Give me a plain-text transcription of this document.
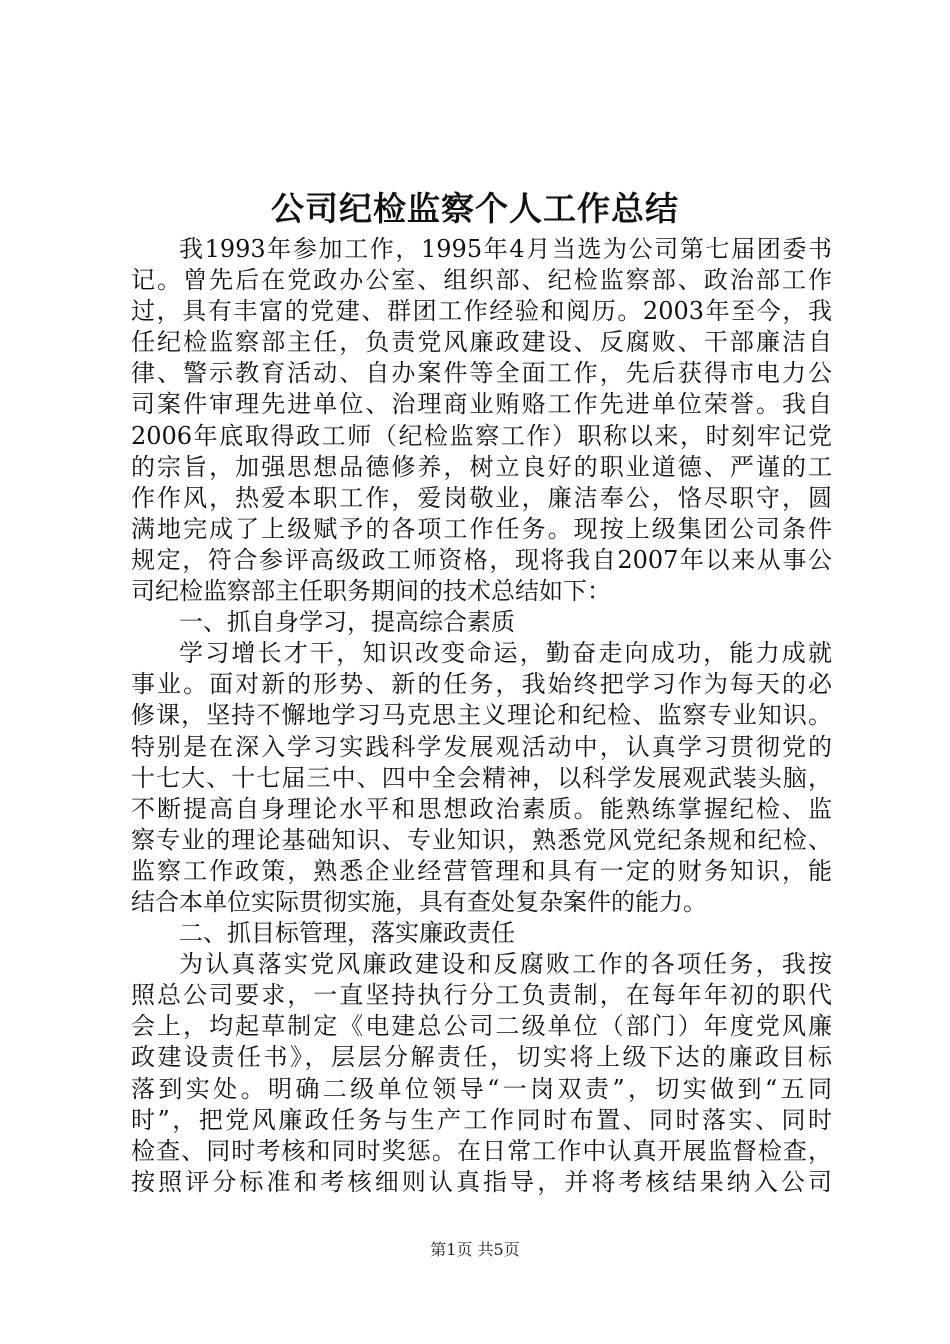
公司纪检监察个人工作总结
我1993年参加工作，1995年4月当选为公司第七届团委书
记。曾先后在党政办公室、组织部、纪检监察部、政治部工作
过，具有丰富的党建、群团工作经验和阅历。2003年至今，我
任纪检监察部主任，负责党风廉政建设、反腐败、干部廉洁自
律、警示教育活动、自办案件等全面工作，先后获得市电力公
司案件审理先进单位、治理商业贿赂工作先进单位荣誉。我自
2006年底取得政工师（纪检监察工作）职称以来，时刻牢记党
的宗旨，加强思想品德修养，树立良好的职业道德、严谨的工
作作风，热爱本职工作，爱岗敬业，廉洁奉公，恪尽职守，圆
满地完成了上级赋予的各项工作任务。现按上级集团公司条件
规定，符合参评高级政工师资格，现将我自2007年以来从事公
司纪检监察部主任职务期间的技术总结如下：
一、抓自身学习，提高综合素质
学习增长才干，知识改变命运，勤奋走向成功，能力成就
事业。面对新的形势、新的任务，我始终把学习作为每天的必
修课，坚持不懈地学习马克思主义理论和纪检、监察专业知识。
特别是在深入学习实践科学发展观活动中，认真学习贯彻党的
十七大、十七届三中、四中全会精神，以科学发展观武装头脑，
不断提高自身理论水平和思想政治素质。能熟练掌握纪检、监
察专业的理论基础知识、专业知识，熟悉党风党纪条规和纪检、
监察工作政策，熟悉企业经营管理和具有一定的财务知识，能
结合本单位实际贯彻实施，具有查处复杂案件的能力。
二、抓目标管理，落实廉政责任
为认真落实党风廉政建设和反腐败工作的各项任务，我按
照总公司要求，一直坚持执行分工负责制，在每年年初的职代
会上，均起草制定《电建总公司二级单位（部门）年度党风廉
政建设责任书》，层层分解责任，切实将上级下达的廉政目标
落到实处。明确二级单位领导“一岗双责”，切实做到“五同
时”，把党风廉政任务与生产工作同时布置、同时落实、同时
检查、同时考核和同时奖惩。在日常工作中认真开展监督检查，
按照评分标准和考核细则认真指导，并将考核结果纳入公司
第1页 共5页
